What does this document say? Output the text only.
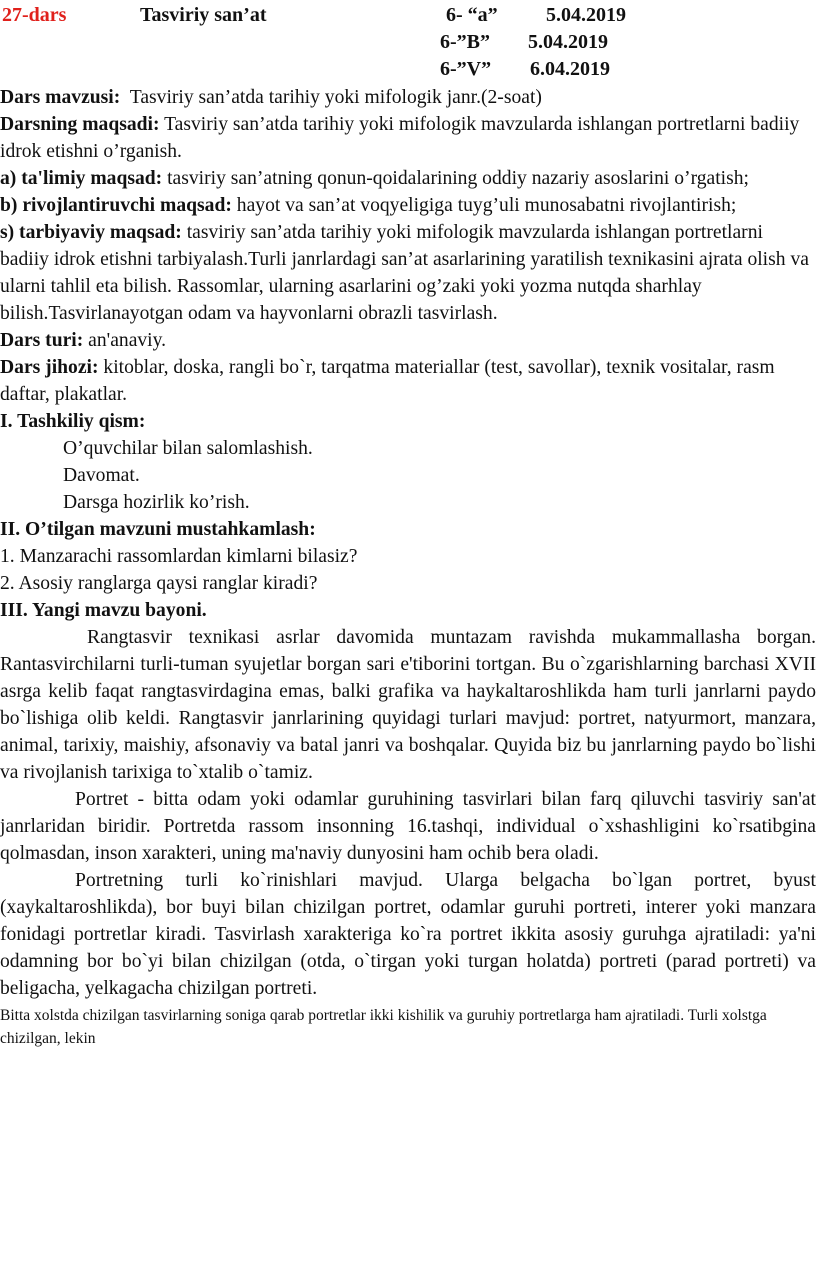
27-dars	Tasviriy san’at	6- “a” 5.04.2019
6-”B” 5.04.2019
6-”V” 6.04.2019

Dars mavzusi: Tasviriy san’atda tarihiy yoki mifologik janr.(2-soat)

Darsning maqsadi: Tasviriy san’atda tarihiy yoki mifologik mavzularda ishlangan portretlarni badiiy idrok etishni o’rganish.

a) ta'limiy maqsad: tasviriy san’atning qonun-qoidalarining oddiy nazariy asoslarini o’rgatish;

b) rivojlantiruvchi maqsad: hayot va san’at voqyeligiga tuyg’uli munosabatni rivojlantirish;

s) tarbiyaviy maqsad: tasviriy san’atda tarihiy yoki mifologik mavzularda ishlangan portretlarni badiiy idrok etishni tarbiyalash.Turli janrlardagi san’at asarlarining yaratilish texnikasini ajrata olish va ularni tahlil eta bilish. Rassomlar, ularning asarlarini og’zaki yoki yozma nutqda sharhlay bilish.Tasvirlanayotgan odam va hayvonlarni obrazli tasvirlash.

Dars turi: an'anaviy.

Dars jihozi: kitoblar, doska, rangli bo`r, tarqatma materiallar (test, savollar), texnik vositalar, rasm daftar, plakatlar.

I. Tashkiliy qism:

O’quvchilar bilan salomlashish.

Davomat.

Darsga hozirlik ko’rish.

II. O’tilgan mavzuni mustahkamlash:

1. Manzarachi rassomlardan kimlarni bilasiz?

2. Asosiy ranglarga qaysi ranglar kiradi?

III. Yangi mavzu bayoni.

Rangtasvir texnikasi asrlar davomida muntazam ravishda mukammallasha borgan. Rantasvirchilarni turli-tuman syujetlar borgan sari e'tiborini tortgan. Bu o`zgarishlarning barchasi XVII asrga kelib faqat rangtasvirdagina emas, balki grafika va haykaltaroshlikda ham turli janrlarni paydo bo`lishiga olib keldi. Rangtasvir janrlarining quyidagi turlari mavjud: portret, natyurmort, manzara, animal, tarixiy, maishiy, afsonaviy va batal janri va boshqalar. Quyida biz bu janrlarning paydo bo`lishi va rivojlanish tarixiga to`xtalib o`tamiz.

Portret - bitta odam yoki odamlar guruhining tasvirlari bilan farq qiluvchi tasviriy san'at janrlaridan biridir. Portretda rassom insonning 16.tashqi, individual o`xshashligini ko`rsatibgina qolmasdan, inson xarakteri, uning ma'naviy dunyosini ham ochib bera oladi.

Portretning turli ko`rinishlari mavjud. Ularga belgacha bo`lgan portret, byust (xaykaltaroshlikda), bor buyi bilan chizilgan portret, odamlar guruhi portreti, interer yoki manzara fonidagi portretlar kiradi. Tasvirlash xarakteriga ko`ra portret ikkita asosiy guruhga ajratiladi: ya'ni odamning bor bo`yi bilan chizilgan (otda, o`tirgan yoki turgan holatda) portreti (parad portreti) va beligacha, yelkagacha chizilgan portreti.

Bitta xolstda chizilgan tasvirlarning soniga qarab portretlar ikki kishilik va guruhiy portretlarga ham ajratiladi. Turli xolstga chizilgan, lekin
